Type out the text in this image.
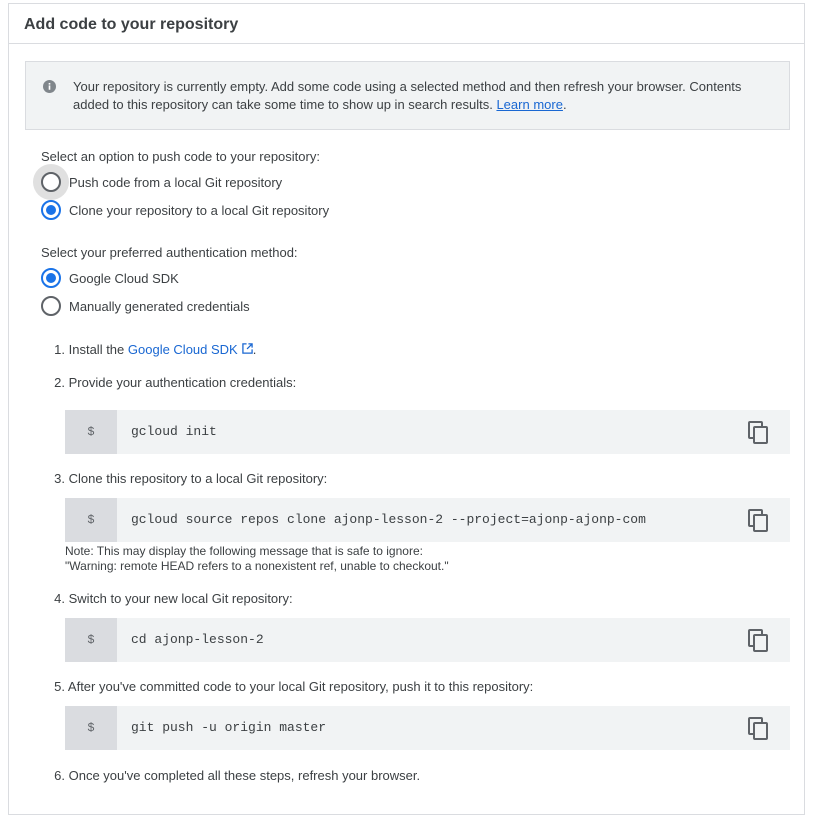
Add code to your repository
Your repository is currently empty. Add some code using a selected method and then refresh your browser. Contents added to this repository can take some time to show up in search results. Learn more.
Select an option to push code to your repository:
Push code from a local Git repository
Clone your repository to a local Git repository
Select your preferred authentication method:
Google Cloud SDK
Manually generated credentials
1. Install the Google Cloud SDK .
2. Provide your authentication credentials:
$	gcloud init
3. Clone this repository to a local Git repository:
$	gcloud source repos clone ajonp-lesson-2 --project=ajonp-ajonp-com
Note: This may display the following message that is safe to ignore:
"Warning: remote HEAD refers to a nonexistent ref, unable to checkout."
4. Switch to your new local Git repository:
$	cd ajonp-lesson-2
5. After you've committed code to your local Git repository, push it to this repository:
$	git push -u origin master
6. Once you've completed all these steps, refresh your browser.
